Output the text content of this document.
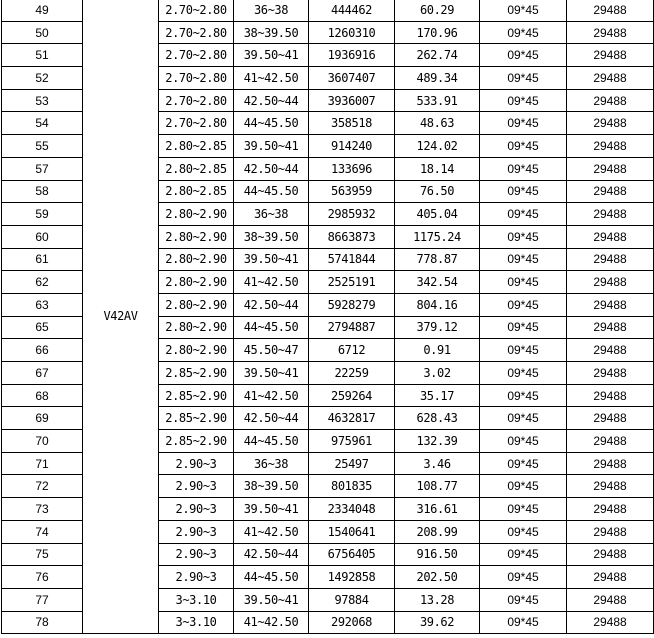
49	V42AV	2.70~2.80	36~38	444462	60.29	09*45	29488
50		2.70~2.80	38~39.50	1260310	170.96	09*45	29488
51		2.70~2.80	39.50~41	1936916	262.74	09*45	29488
52		2.70~2.80	41~42.50	3607407	489.34	09*45	29488
53		2.70~2.80	42.50~44	3936007	533.91	09*45	29488
54		2.70~2.80	44~45.50	358518	48.63	09*45	29488
55		2.80~2.85	39.50~41	914240	124.02	09*45	29488
57		2.80~2.85	42.50~44	133696	18.14	09*45	29488
58		2.80~2.85	44~45.50	563959	76.50	09*45	29488
59		2.80~2.90	36~38	2985932	405.04	09*45	29488
60		2.80~2.90	38~39.50	8663873	1175.24	09*45	29488
61		2.80~2.90	39.50~41	5741844	778.87	09*45	29488
62		2.80~2.90	41~42.50	2525191	342.54	09*45	29488
63		2.80~2.90	42.50~44	5928279	804.16	09*45	29488
65		2.80~2.90	44~45.50	2794887	379.12	09*45	29488
66		2.80~2.90	45.50~47	6712	0.91	09*45	29488
67		2.85~2.90	39.50~41	22259	3.02	09*45	29488
68		2.85~2.90	41~42.50	259264	35.17	09*45	29488
69		2.85~2.90	42.50~44	4632817	628.43	09*45	29488
70		2.85~2.90	44~45.50	975961	132.39	09*45	29488
71		2.90~3	36~38	25497	3.46	09*45	29488
72		2.90~3	38~39.50	801835	108.77	09*45	29488
73		2.90~3	39.50~41	2334048	316.61	09*45	29488
74		2.90~3	41~42.50	1540641	208.99	09*45	29488
75		2.90~3	42.50~44	6756405	916.50	09*45	29488
76		2.90~3	44~45.50	1492858	202.50	09*45	29488
77		3~3.10	39.50~41	97884	13.28	09*45	29488
78		3~3.10	41~42.50	292068	39.62	09*45	29488
